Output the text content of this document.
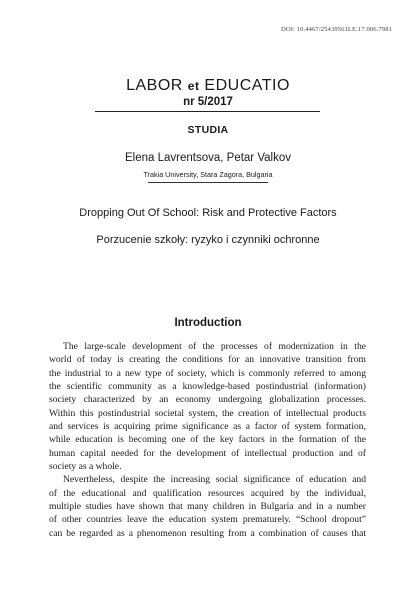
DOI: 10.4467/25439561LE.17.006.7981
LABOR et EDUCATIO
nr 5/2017
STUDIA
Elena Lavrentsova, Petar Valkov
Trakia University, Stara Zagora, Bulgaria
Dropping Out Of School: Risk and Protective Factors
Porzucenie szkoły: ryzyko i czynniki ochronne
Introduction
The large-scale development of the processes of modernization in the
world of today is creating the conditions for an innovative transition from
the industrial to a new type of society, which is commonly referred to among
the scientific community as a knowledge-based postindustrial (information)
society characterized by an economy undergoing globalization processes.
Within this postindustrial societal system, the creation of intellectual products
and services is acquiring prime significance as a factor of system formation,
while education is becoming one of the key factors in the formation of the
human capital needed for the development of intellectual production and of
society as a whole.
Nevertheless, despite the increasing social significance of education and
of the educational and qualification resources acquired by the individual,
multiple studies have shown that many children in Bulgaria and in a number
of other countries leave the education system prematurely. “School dropout”
can be regarded as a phenomenon resulting from a combination of causes that
